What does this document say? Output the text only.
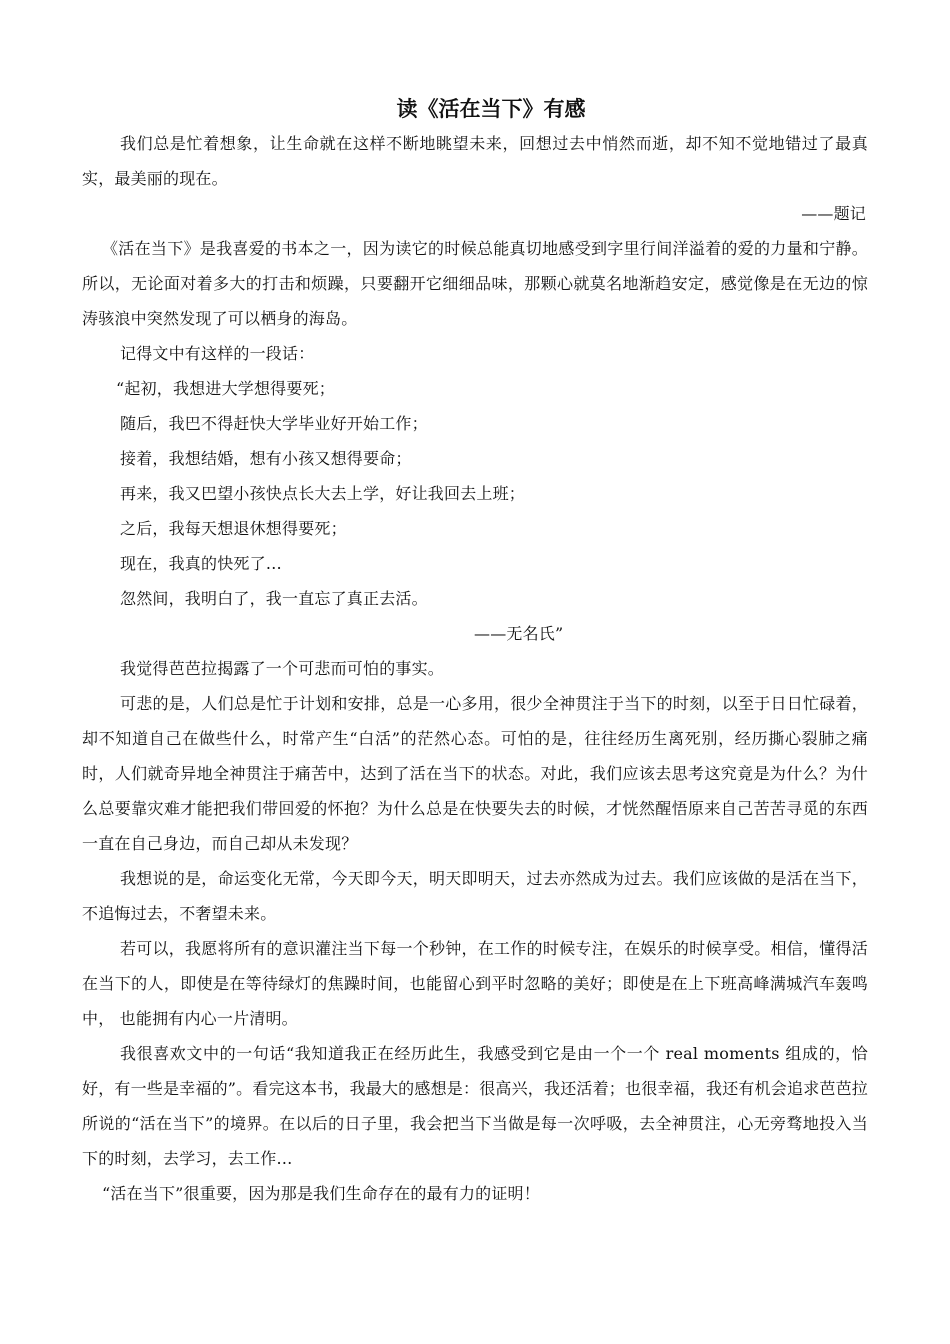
读《活在当下》有感

我们总是忙着想象，让生命就在这样不断地眺望未来，回想过去中悄然而逝，却不知不觉地错过了最真实，最美丽的现在。

——题记

《活在当下》是我喜爱的书本之一，因为读它的时候总能真切地感受到字里行间洋溢着的爱的力量和宁静。所以，无论面对着多大的打击和烦躁，只要翻开它细细品味，那颗心就莫名地渐趋安定，感觉像是在无边的惊涛骇浪中突然发现了可以栖身的海岛。

记得文中有这样的一段话：

“起初，我想进大学想得要死；

随后，我巴不得赶快大学毕业好开始工作；

接着，我想结婚，想有小孩又想得要命；

再来，我又巴望小孩快点长大去上学，好让我回去上班；

之后，我每天想退休想得要死；

现在，我真的快死了…

忽然间，我明白了，我一直忘了真正去活。

——无名氏”

我觉得芭芭拉揭露了一个可悲而可怕的事实。

可悲的是，人们总是忙于计划和安排，总是一心多用，很少全神贯注于当下的时刻，以至于日日忙碌着，却不知道自己在做些什么，时常产生“白活”的茫然心态。可怕的是，往往经历生离死别，经历撕心裂肺之痛时，人们就奇异地全神贯注于痛苦中，达到了活在当下的状态。对此，我们应该去思考这究竟是为什么？为什么总要靠灾难才能把我们带回爱的怀抱？为什么总是在快要失去的时候，才恍然醒悟原来自己苦苦寻觅的东西一直在自己身边，而自己却从未发现？

我想说的是，命运变化无常，今天即今天，明天即明天，过去亦然成为过去。我们应该做的是活在当下，不追悔过去，不奢望未来。

若可以，我愿将所有的意识灌注当下每一个秒钟，在工作的时候专注，在娱乐的时候享受。相信，懂得活在当下的人，即使是在等待绿灯的焦躁时间，也能留心到平时忽略的美好；即使是在上下班高峰满城汽车轰鸣中， 也能拥有内心一片清明。

我很喜欢文中的一句话“我知道我正在经历此生，我感受到它是由一个一个 real moments 组成的，恰好，有一些是幸福的”。看完这本书，我最大的感想是：很高兴，我还活着；也很幸福，我还有机会追求芭芭拉所说的“活在当下”的境界。在以后的日子里，我会把当下当做是每一次呼吸，去全神贯注，心无旁骛地投入当下的时刻，去学习，去工作…

“活在当下”很重要，因为那是我们生命存在的最有力的证明！
